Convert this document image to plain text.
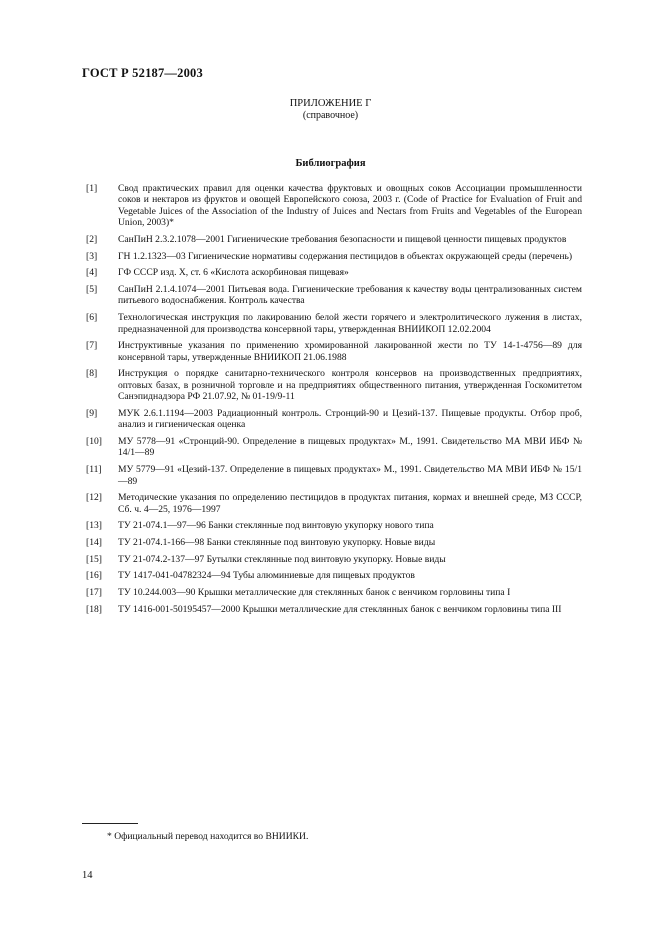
ГОСТ Р 52187—2003
ПРИЛОЖЕНИЕ Г
(справочное)
Библиография
[1]	Свод практических правил для оценки качества фруктовых и овощных соков Ассоциации промышленности соков и нектаров из фруктов и овощей Европейского союза, 2003 г. (Code of Practice for Evaluation of Fruit and Vegetable Juices of the Association of the Industry of Juices and Nectars from Fruits and Vegetables of the European Union, 2003)*
[2]	СанПиН 2.3.2.1078—2001 Гигиенические требования безопасности и пищевой ценности пищевых продуктов
[3]	ГН 1.2.1323—03 Гигиенические нормативы содержания пестицидов в объектах окружающей среды (перечень)
[4]	ГФ СССР изд. X, ст. 6 «Кислота аскорбиновая пищевая»
[5]	СанПиН 2.1.4.1074—2001 Питьевая вода. Гигиенические требования к качеству воды централизованных систем питьевого водоснабжения. Контроль качества
[6]	Технологическая инструкция по лакированию белой жести горячего и электролитического лужения в листах, предназначенной для производства консервной тары, утвержденная ВНИИКОП 12.02.2004
[7]	Инструктивные указания по применению хромированной лакированной жести по ТУ 14-1-4756—89 для консервной тары, утвержденные ВНИИКОП 21.06.1988
[8]	Инструкция о порядке санитарно-технического контроля консервов на производственных предприятиях, оптовых базах, в розничной торговле и на предприятиях общественного питания, утвержденная Госкомитетом Санэпиднадзора РФ 21.07.92, № 01-19/9-11
[9]	МУК 2.6.1.1194—2003 Радиационный контроль. Стронций-90 и Цезий-137. Пищевые продукты. Отбор проб, анализ и гигиеническая оценка
[10]	МУ 5778—91 «Стронций-90. Определение в пищевых продуктах» М., 1991. Свидетельство МА МВИ ИБФ № 14/1—89
[11]	МУ 5779—91 «Цезий-137. Определение в пищевых продуктах» М., 1991. Свидетельство МА МВИ ИБФ № 15/1—89
[12]	Методические указания по определению пестицидов в продуктах питания, кормах и внешней среде, МЗ СССР, Сб. ч. 4—25, 1976—1997
[13]	ТУ 21-074.1—97—96 Банки стеклянные под винтовую укупорку нового типа
[14]	ТУ 21-074.1-166—98 Банки стеклянные под винтовую укупорку. Новые виды
[15]	ТУ 21-074.2-137—97 Бутылки стеклянные под винтовую укупорку. Новые виды
[16]	ТУ 1417-041-04782324—94 Тубы алюминиевые для пищевых продуктов
[17]	ТУ 10.244.003—90 Крышки металлические для стеклянных банок с венчиком горловины типа I
[18]	ТУ 1416-001-50195457—2000 Крышки металлические для стеклянных банок с венчиком горловины типа III
* Официальный перевод находится во ВНИИКИ.
14
